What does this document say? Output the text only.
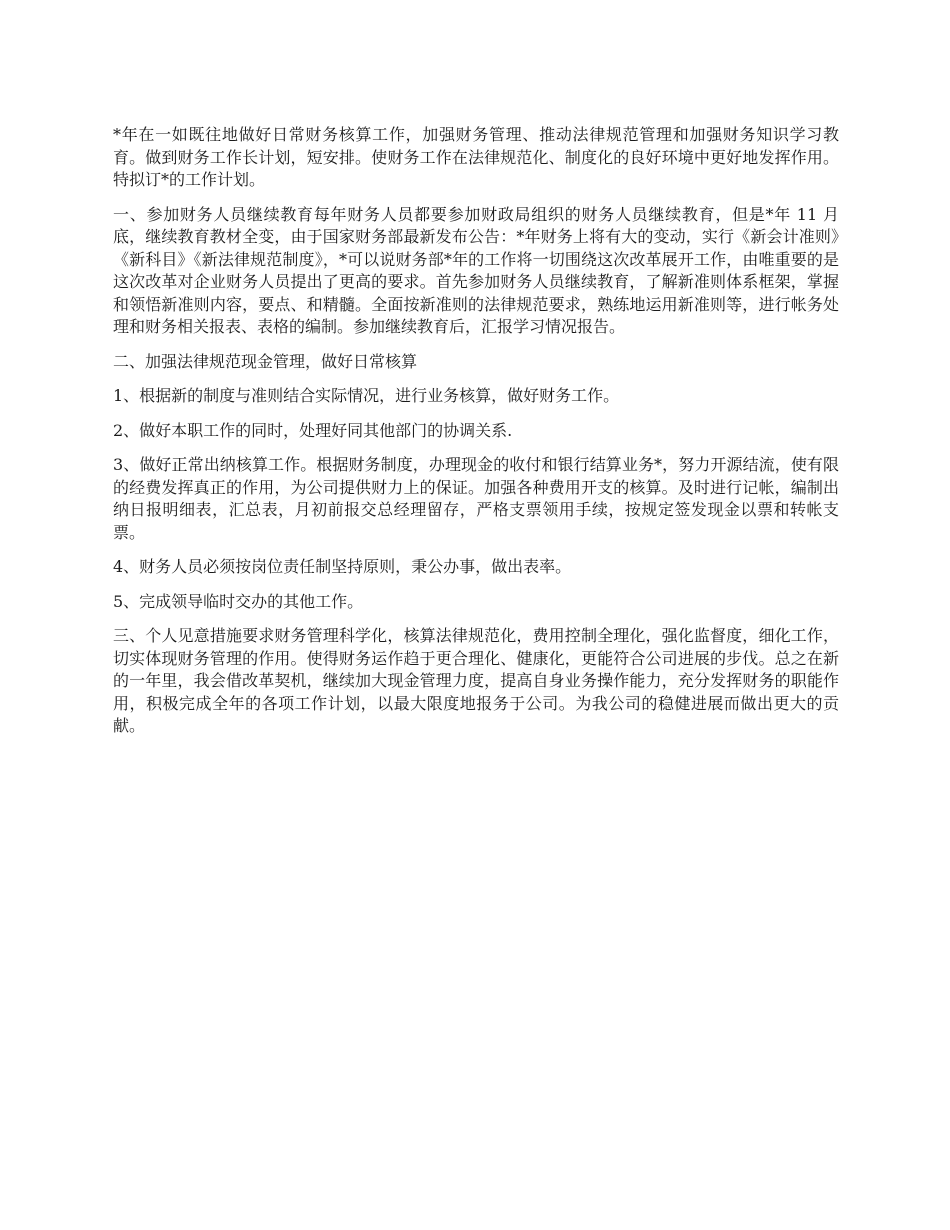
*年在一如既往地做好日常财务核算工作，加强财务管理、推动法律规范管理和加强财务知识学习教育。做到财务工作长计划，短安排。使财务工作在法律规范化、制度化的良好环境中更好地发挥作用。特拟订*的工作计划。

一、参加财务人员继续教育每年财务人员都要参加财政局组织的财务人员继续教育，但是*年 11 月底，继续教育教材全变，由于国家财务部最新发布公告：*年财务上将有大的变动，实行《新会计准则》《新科目》《新法律规范制度》，*可以说财务部*年的工作将一切围绕这次改革展开工作，由唯重要的是这次改革对企业财务人员提出了更高的要求。首先参加财务人员继续教育，了解新准则体系框架，掌握和领悟新准则内容，要点、和精髓。全面按新准则的法律规范要求，熟练地运用新准则等，进行帐务处理和财务相关报表、表格的编制。参加继续教育后，汇报学习情况报告。

二、加强法律规范现金管理，做好日常核算

1、根据新的制度与准则结合实际情况，进行业务核算，做好财务工作。

2、做好本职工作的同时，处理好同其他部门的协调关系.

3、做好正常出纳核算工作。根据财务制度，办理现金的收付和银行结算业务*，努力开源结流，使有限的经费发挥真正的作用，为公司提供财力上的保证。加强各种费用开支的核算。及时进行记帐，编制出纳日报明细表，汇总表，月初前报交总经理留存，严格支票领用手续，按规定签发现金以票和转帐支票。

4、财务人员必须按岗位责任制坚持原则，秉公办事，做出表率。

5、完成领导临时交办的其他工作。

三、个人见意措施要求财务管理科学化，核算法律规范化，费用控制全理化，强化监督度，细化工作，切实体现财务管理的作用。使得财务运作趋于更合理化、健康化，更能符合公司进展的步伐。总之在新的一年里，我会借改革契机，继续加大现金管理力度，提高自身业务操作能力，充分发挥财务的职能作用，积极完成全年的各项工作计划，以最大限度地报务于公司。为我公司的稳健进展而做出更大的贡献。
